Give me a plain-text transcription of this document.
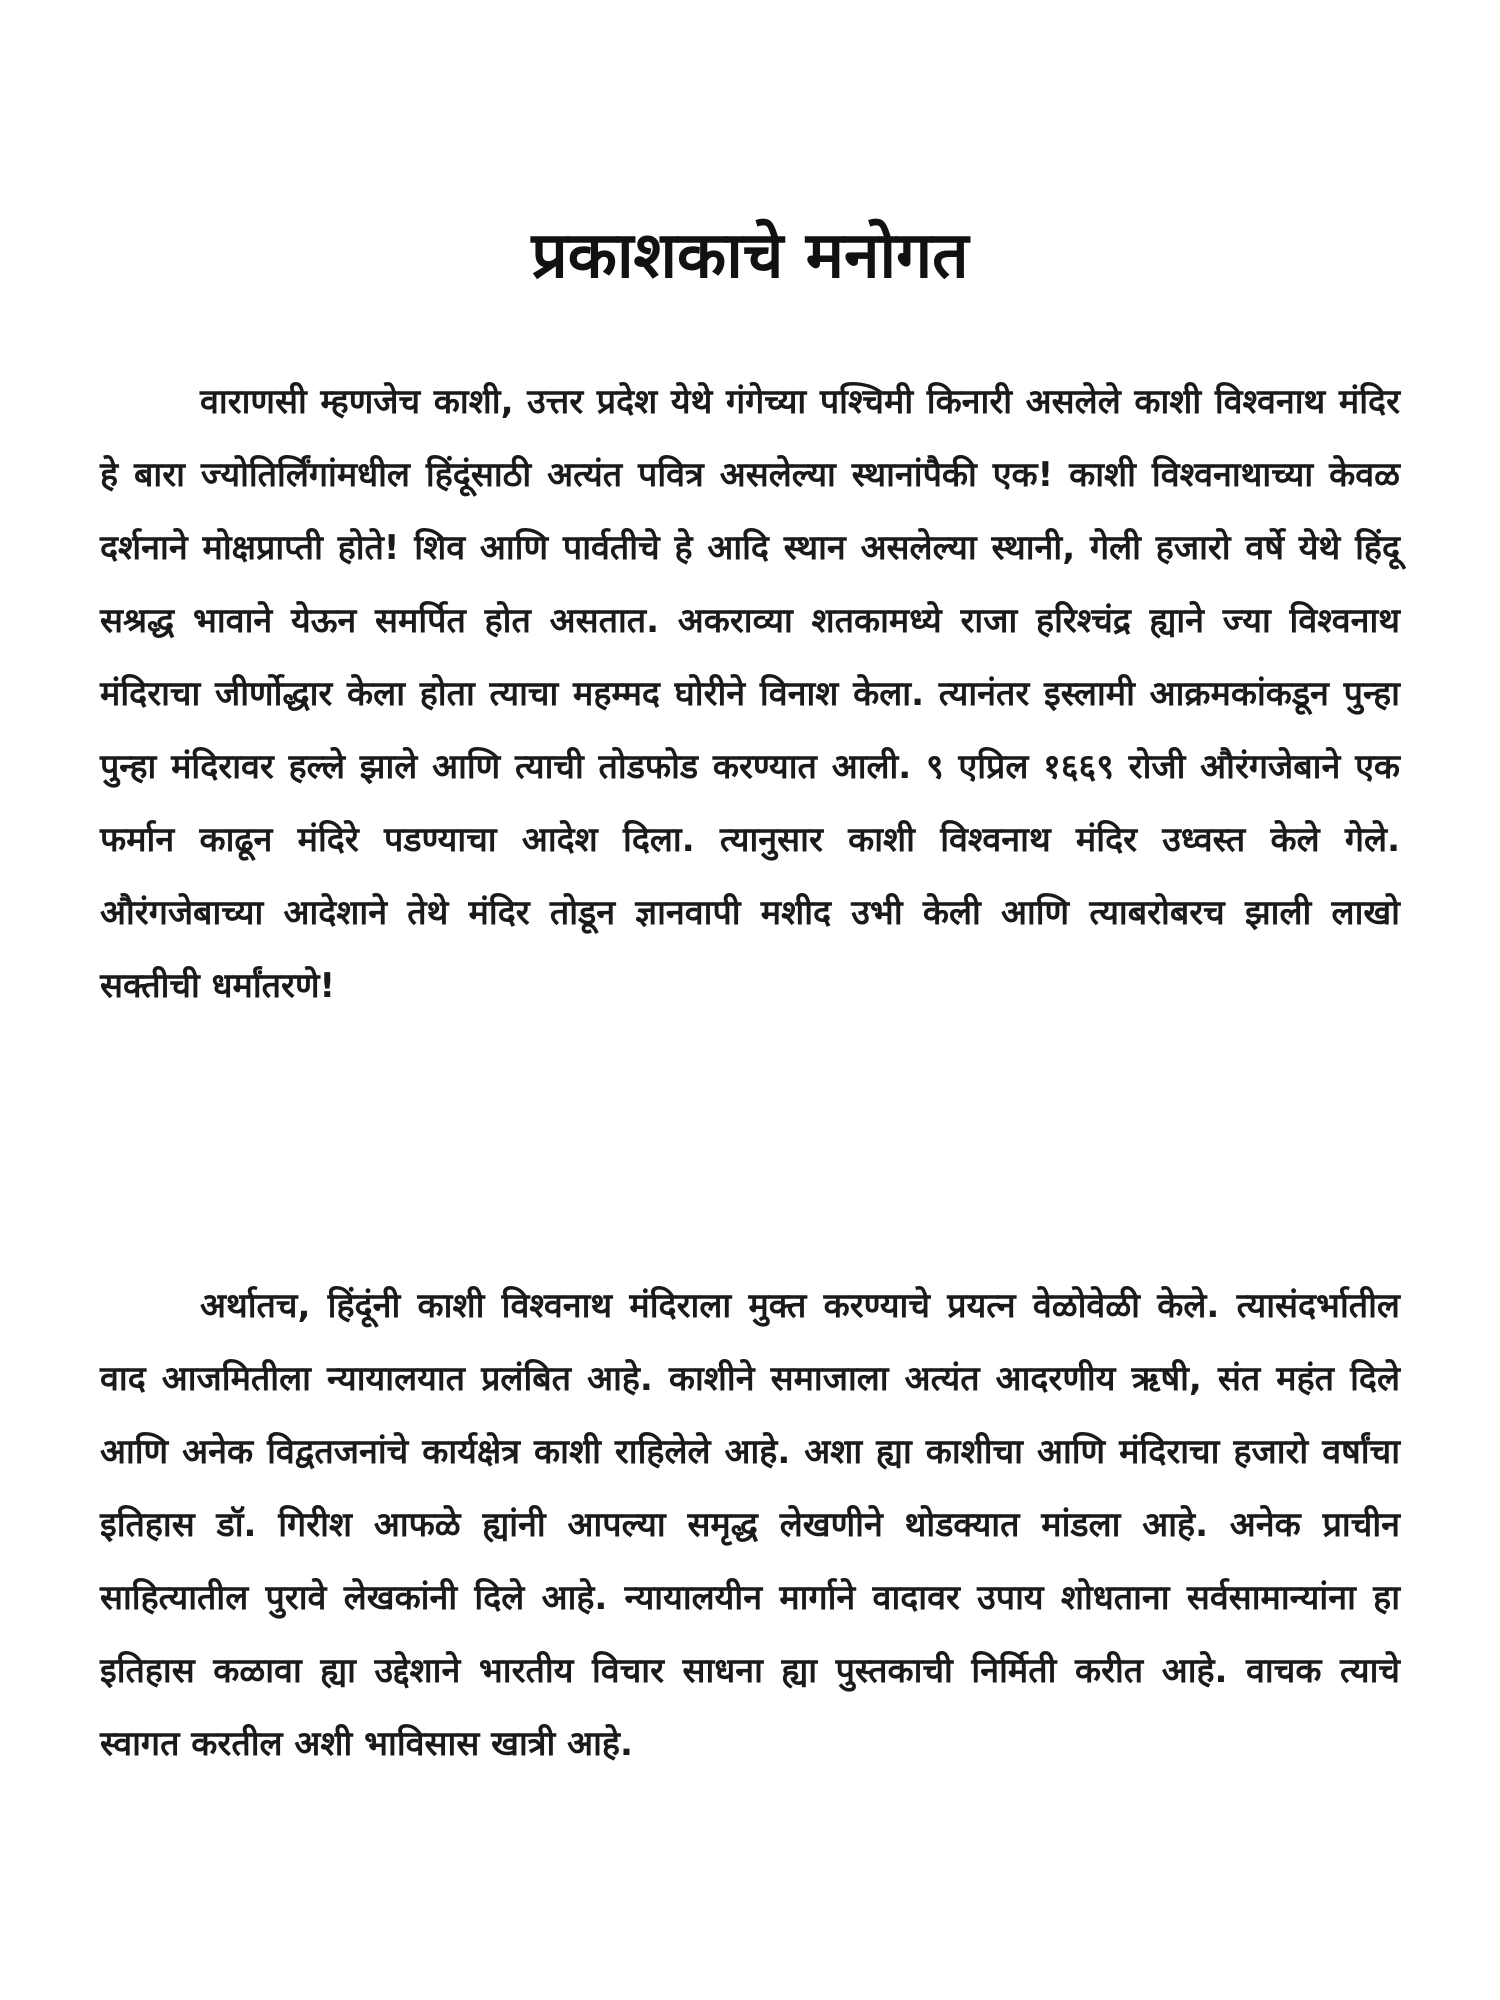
प्रकाशकाचे मनोगत

वाराणसी म्हणजेच काशी, उत्तर प्रदेश येथे गंगेच्या पश्चिमी किनारी असलेले काशी विश्वनाथ मंदिर हे बारा ज्योतिर्लिंगांमधील हिंदूंसाठी अत्यंत पवित्र असलेल्या स्थानांपैकी एक! काशी विश्वनाथाच्या केवळ दर्शनाने मोक्षप्राप्ती होते! शिव आणि पार्वतीचे हे आदि स्थान असलेल्या स्थानी, गेली हजारो वर्षे येथे हिंदू सश्रद्ध भावाने येऊन समर्पित होत असतात. अकराव्या शतकामध्ये राजा हरिश्चंद्र ह्याने ज्या विश्वनाथ मंदिराचा जीर्णोद्धार केला होता त्याचा महम्मद घोरीने विनाश केला. त्यानंतर इस्लामी आक्रमकांकडून पुन्हा पुन्हा मंदिरावर हल्ले झाले आणि त्याची तोडफोड करण्यात आली. ९ एप्रिल १६६९ रोजी औरंगजेबाने एक फर्मान काढून मंदिरे पडण्याचा आदेश दिला. त्यानुसार काशी विश्वनाथ मंदिर उध्वस्त केले गेले. औरंगजेबाच्या आदेशाने तेथे मंदिर तोडून ज्ञानवापी मशीद उभी केली आणि त्याबरोबरच झाली लाखो सक्तीची धर्मांतरणे!

अर्थातच, हिंदूंनी काशी विश्वनाथ मंदिराला मुक्त करण्याचे प्रयत्न वेळोवेळी केले. त्यासंदर्भातील वाद आजमितीला न्यायालयात प्रलंबित आहे. काशीने समाजाला अत्यंत आदरणीय ऋषी, संत महंत दिले आणि अनेक विद्वतजनांचे कार्यक्षेत्र काशी राहिलेले आहे. अशा ह्या काशीचा आणि मंदिराचा हजारो वर्षांचा इतिहास डॉ. गिरीश आफळे ह्यांनी आपल्या समृद्ध लेखणीने थोडक्यात मांडला आहे. अनेक प्राचीन साहित्यातील पुरावे लेखकांनी दिले आहे. न्यायालयीन मार्गाने वादावर उपाय शोधताना सर्वसामान्यांना हा इतिहास कळावा ह्या उद्देशाने भारतीय विचार साधना ह्या पुस्तकाची निर्मिती करीत आहे. वाचक त्याचे स्वागत करतील अशी भाविसास खात्री आहे.
